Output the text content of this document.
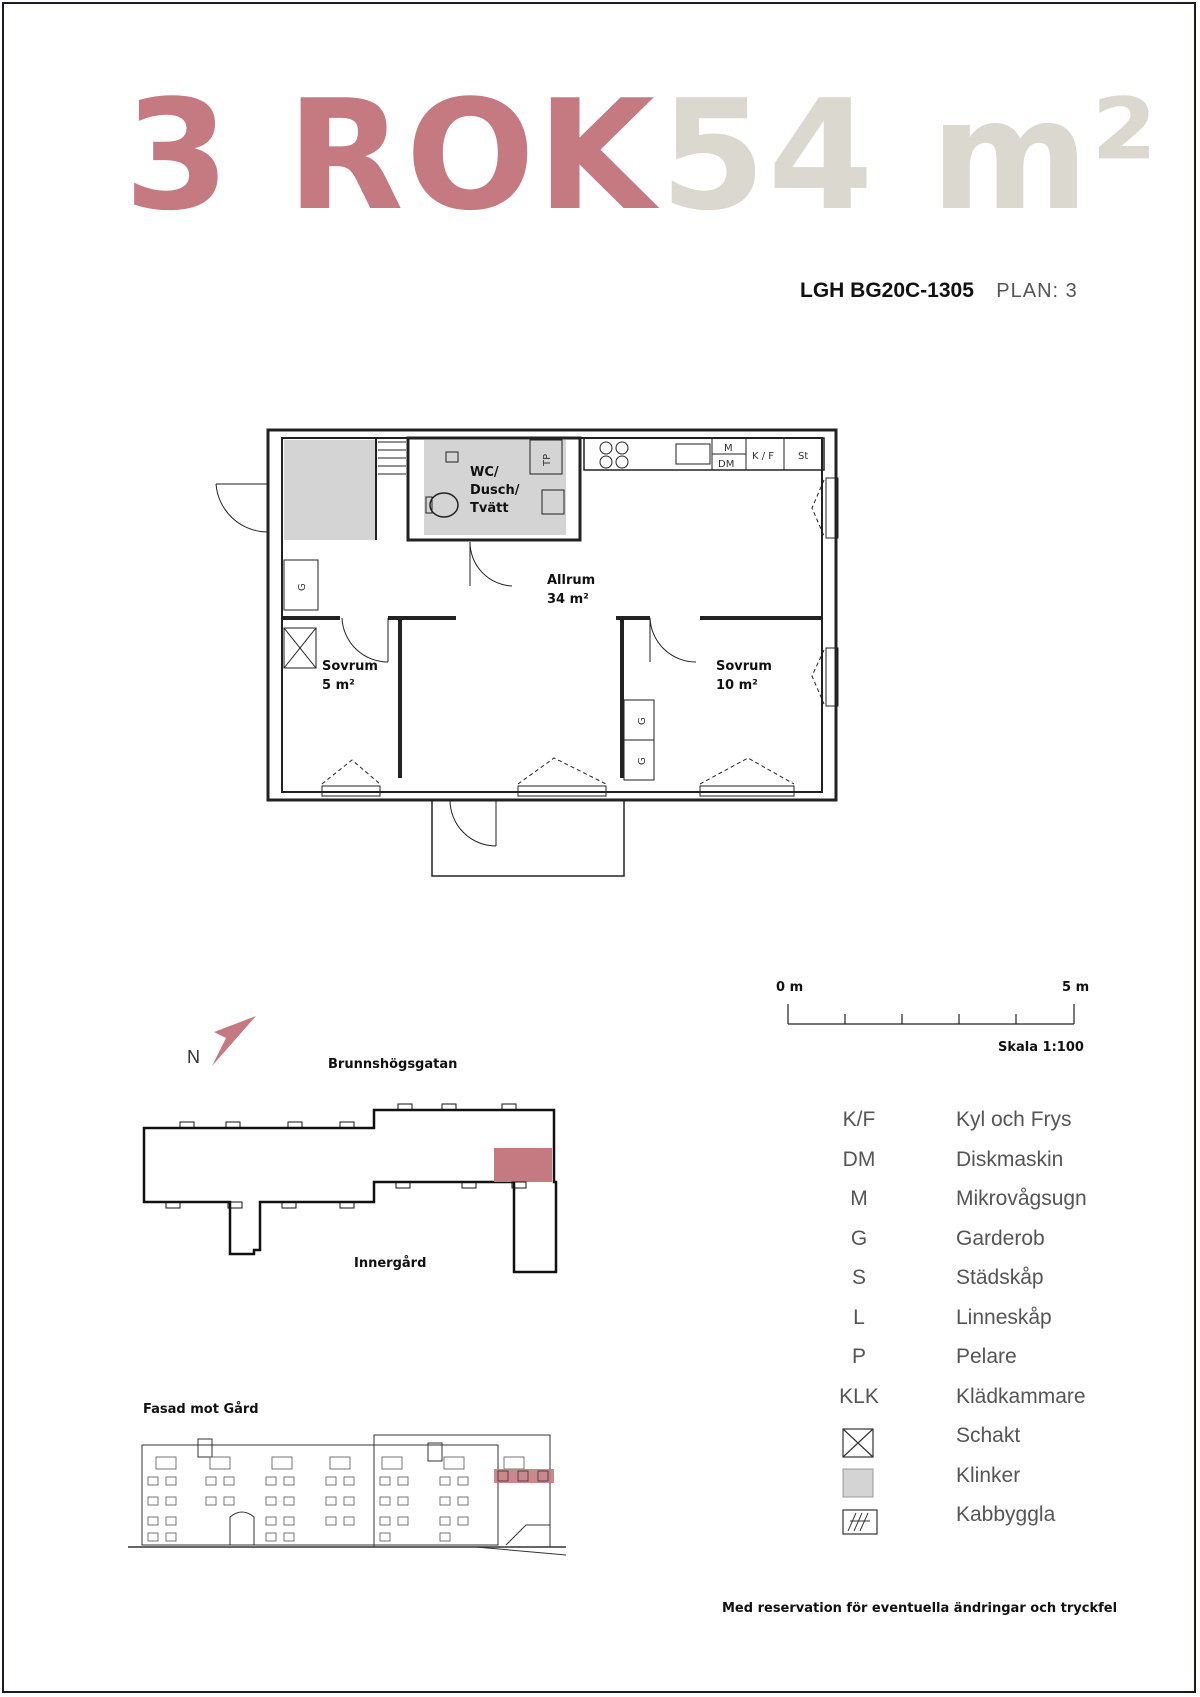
3 ROK 54 m²
LGH BG20C-1305 PLAN: 3
TP
M
DM
K / F St
G
G
G
WC/
Dusch/
Tvätt
Allrum
34 m²
Sovrum
5 m²
Sovrum
10 m²
0 m	5 m
Skala 1:100
N	Brunnshögsgatan
Innergård
Fasad mot Gård
K/F	Kyl och Frys
DM	Diskmaskin
M	Mikrovågsugn
G	Garderob
S	Städskåp
L	Linneskåp
P	Pelare
KLK	Klädkammare
Schakt
Klinker
Kabbyggla
Med reservation för eventuella ändringar och tryckfel
